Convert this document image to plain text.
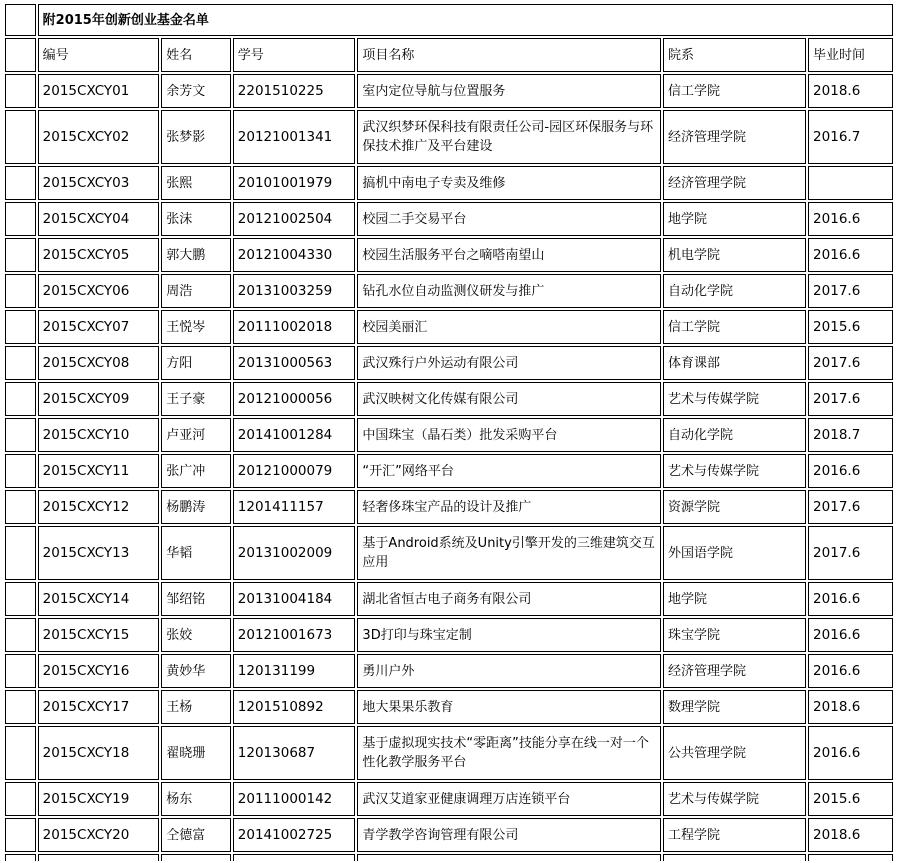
	附2015年创新创业基金名单					
	编号	姓名	学号	项目名称	院系	毕业时间
	2015CXCY01	余芳文	2201510225	室内定位导航与位置服务	信工学院	2018.6
	2015CXCY02	张梦影	20121001341	武汉织梦环保科技有限责任公司-园区环保服务与环保技术推广及平台建设	经济管理学院	2016.7
	2015CXCY03	张熙	20101001979	搞机中南电子专卖及维修	经济管理学院	
	2015CXCY04	张沫	20121002504	校园二手交易平台	地学院	2016.6
	2015CXCY05	郭大鹏	20121004330	校园生活服务平台之嘀嗒南望山	机电学院	2016.6
	2015CXCY06	周浩	20131003259	钻孔水位自动监测仪研发与推广	自动化学院	2017.6
	2015CXCY07	王悦岑	20111002018	校园美丽汇	信工学院	2015.6
	2015CXCY08	方阳	20131000563	武汉殊行户外运动有限公司	体育课部	2017.6
	2015CXCY09	王子豪	20121000056	武汉映树文化传媒有限公司	艺术与传媒学院	2017.6
	2015CXCY10	卢亚河	20141001284	中国珠宝（晶石类）批发采购平台	自动化学院	2018.7
	2015CXCY11	张广冲	20121000079	“开汇”网络平台	艺术与传媒学院	2016.6
	2015CXCY12	杨鹏涛	1201411157	轻奢侈珠宝产品的设计及推广	资源学院	2017.6
	2015CXCY13	华韬	20131002009	基于Android系统及Unity引擎开发的三维建筑交互应用	外国语学院	2017.6
	2015CXCY14	邹绍铭	20131004184	湖北省恒古电子商务有限公司	地学院	2016.6
	2015CXCY15	张姣	20121001673	3D打印与珠宝定制	珠宝学院	2016.6
	2015CXCY16	黄妙华	120131199	勇川户外	经济管理学院	2016.6
	2015CXCY17	王杨	1201510892	地大果果乐教育	数理学院	2018.6
	2015CXCY18	翟晓珊	120130687	基于虚拟现实技术“零距离”技能分享在线一对一个性化教学服务平台	公共管理学院	2016.6
	2015CXCY19	杨东	20111000142	武汉艾道家亚健康调理万店连锁平台	艺术与传媒学院	2015.6
	2015CXCY20	仝德富	20141002725	青学教学咨询管理有限公司	工程学院	2018.6
